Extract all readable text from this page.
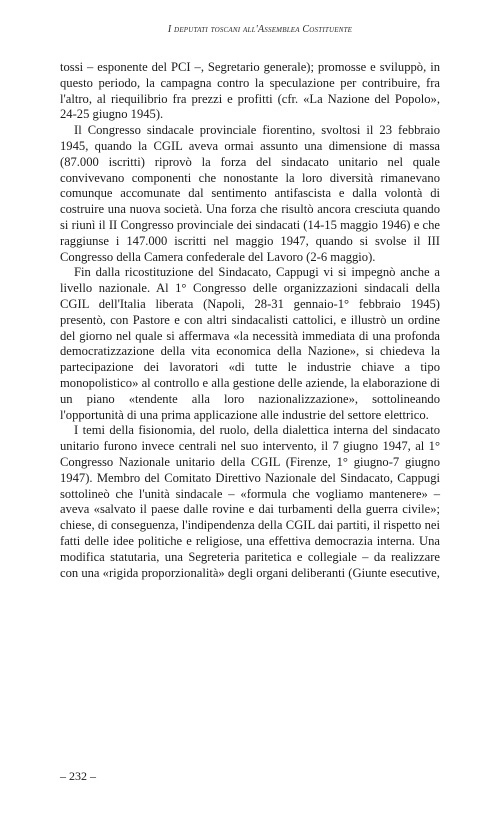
I deputati toscani all'Assemblea Costituente

tossi – esponente del PCI –, Segretario generale); promosse e sviluppò, in questo periodo, la campagna contro la speculazione per contribuire, fra l'altro, al riequilibrio fra prezzi e profitti (cfr. «La Nazione del Popolo», 24-25 giugno 1945).

Il Congresso sindacale provinciale fiorentino, svoltosi il 23 febbraio 1945, quando la CGIL aveva ormai assunto una dimensione di massa (87.000 iscritti) riprovò la forza del sindacato unitario nel quale convivevano componenti che nonostante la loro diversità rimanevano comunque accomunate dal sentimento antifascista e dalla volontà di costruire una nuova società. Una forza che risultò ancora cresciuta quando si riunì il II Congresso provinciale dei sindacati (14-15 maggio 1946) e che raggiunse i 147.000 iscritti nel maggio 1947, quando si svolse il III Congresso della Camera confederale del Lavoro (2-6 maggio).

Fin dalla ricostituzione del Sindacato, Cappugi vi si impegnò anche a livello nazionale. Al 1° Congresso delle organizzazioni sindacali della CGIL dell'Italia liberata (Napoli, 28-31 gennaio-1° febbraio 1945) presentò, con Pastore e con altri sindacalisti cattolici, e illustrò un ordine del giorno nel quale si affermava «la necessità immediata di una profonda democratizzazione della vita economica della Nazione», si chiedeva la partecipazione dei lavoratori «di tutte le industrie chiave a tipo monopolistico» al controllo e alla gestione delle aziende, la elaborazione di un piano «tendente alla loro nazionalizzazione», sottolineando l'opportunità di una prima applicazione alle industrie del settore elettrico.

I temi della fisionomia, del ruolo, della dialettica interna del sindacato unitario furono invece centrali nel suo intervento, il 7 giugno 1947, al 1° Congresso Nazionale unitario della CGIL (Firenze, 1° giugno-7 giugno 1947). Membro del Comitato Direttivo Nazionale del Sindacato, Cappugi sottolineò che l'unità sindacale – «formula che vogliamo mantenere» – aveva «salvato il paese dalle rovine e dai turbamenti della guerra civile»; chiese, di conseguenza, l'indipendenza della CGIL dai partiti, il rispetto nei fatti delle idee politiche e religiose, una effettiva democrazia interna. Una modifica statutaria, una Segreteria paritetica e collegiale – da realizzare con una «rigida proporzionalità» degli organi deliberanti (Giunte esecutive,

– 232 –
